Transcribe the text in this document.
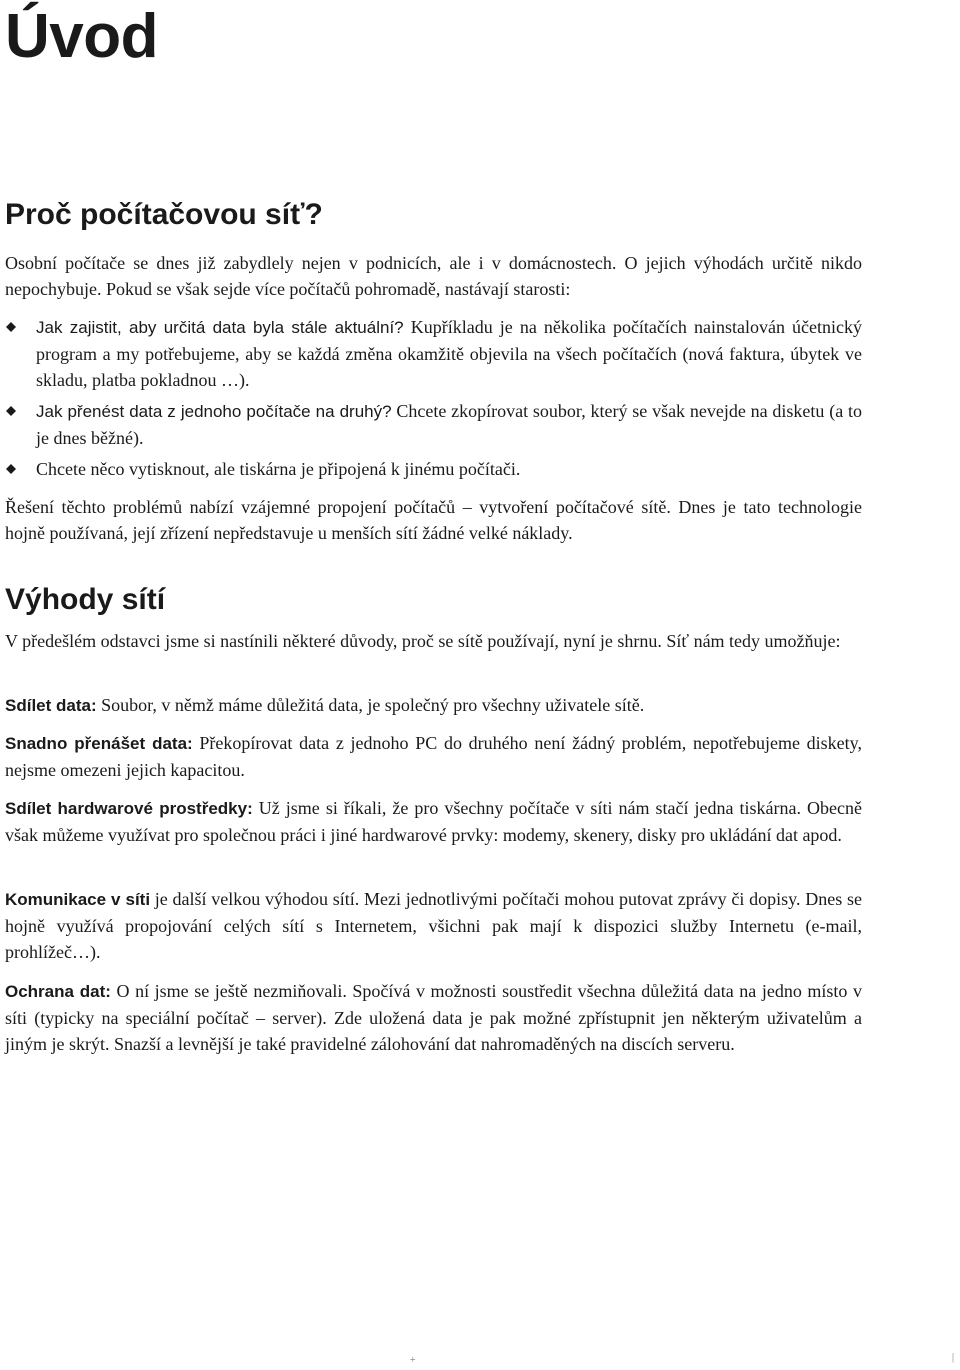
Úvod
Proč počítačovou síť?

Osobní počítače se dnes již zabydlely nejen v podnicích, ale i v domácnostech. O jejich výhodách určitě nikdo nepochybuje. Pokud se však sejde více počítačů pohromadě, nastávají starosti:

Jak zajistit, aby určitá data byla stále aktuální? Kupříkladu je na několika počítačích nainstalován účetnický program a my potřebujeme, aby se každá změna okamžitě objevila na všech počítačích (nová faktura, úbytek ve skladu, platba pokladnou …).
Jak přenést data z jednoho počítače na druhý? Chcete zkopírovat soubor, který se však nevejde na disketu (a to je dnes běžné).
Chcete něco vytisknout, ale tiskárna je připojená k jinému počítači.

Řešení těchto problémů nabízí vzájemné propojení počítačů – vytvoření počítačové sítě. Dnes je tato technologie hojně používaná, její zřízení nepředstavuje u menších sítí žádné velké náklady.

Výhody sítí

V předešlém odstavci jsme si nastínili některé důvody, proč se sítě používají, nyní je shrnu. Síť nám tedy umožňuje:

Sdílet data: Soubor, v němž máme důležitá data, je společný pro všechny uživatele sítě.

Snadno přenášet data: Překopírovat data z jednoho PC do druhého není žádný problém, nepotřebujeme diskety, nejsme omezeni jejich kapacitou.

Sdílet hardwarové prostředky: Už jsme si říkali, že pro všechny počítače v síti nám stačí jedna tiskárna. Obecně však můžeme využívat pro společnou práci i jiné hardwarové prvky: modemy, skenery, disky pro ukládání dat apod.

Komunikace v síti je další velkou výhodou sítí. Mezi jednotlivými počítači mohou putovat zprávy či dopisy. Dnes se hojně využívá propojování celých sítí s Internetem, všichni pak mají k dispozici služby Internetu (e-mail, prohlížeč…).

Ochrana dat: O ní jsme se ještě nezmiňovali. Spočívá v možnosti soustředit všechna důležitá data na jedno místo v síti (typicky na speciální počítač – server). Zde uložená data je pak možné zpřístupnit jen některým uživatelům a jiným je skrýt. Snazší a levnější je také pravidelné zálohování dat nahromaděných na discích serveru.

+	|
